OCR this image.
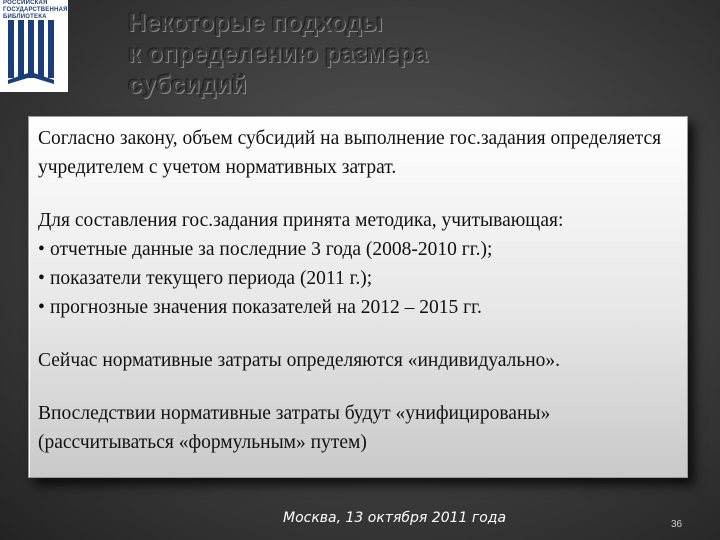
РОССИЙСКАЯ
ГОСУДАРСТВЕННАЯ
БИБЛИОТЕКА	Некоторые подходы
к определению размера
субсидий

Согласно закону, объем субсидий на выполнение гос.задания определяется учредителем с учетом нормативных затрат.

Для составления гос.задания принята методика, учитывающая:

• отчетные данные за последние 3 года (2008-2010 гг.);
• показатели текущего периода (2011 г.);
• прогнозные значения показателей на 2012 – 2015 гг.

Сейчас нормативные затраты определяются «индивидуально».

Впоследствии нормативные затраты будут «унифицированы» (рассчитываться «формульным» путем)

Москва, 13 октября 2011 года	36
